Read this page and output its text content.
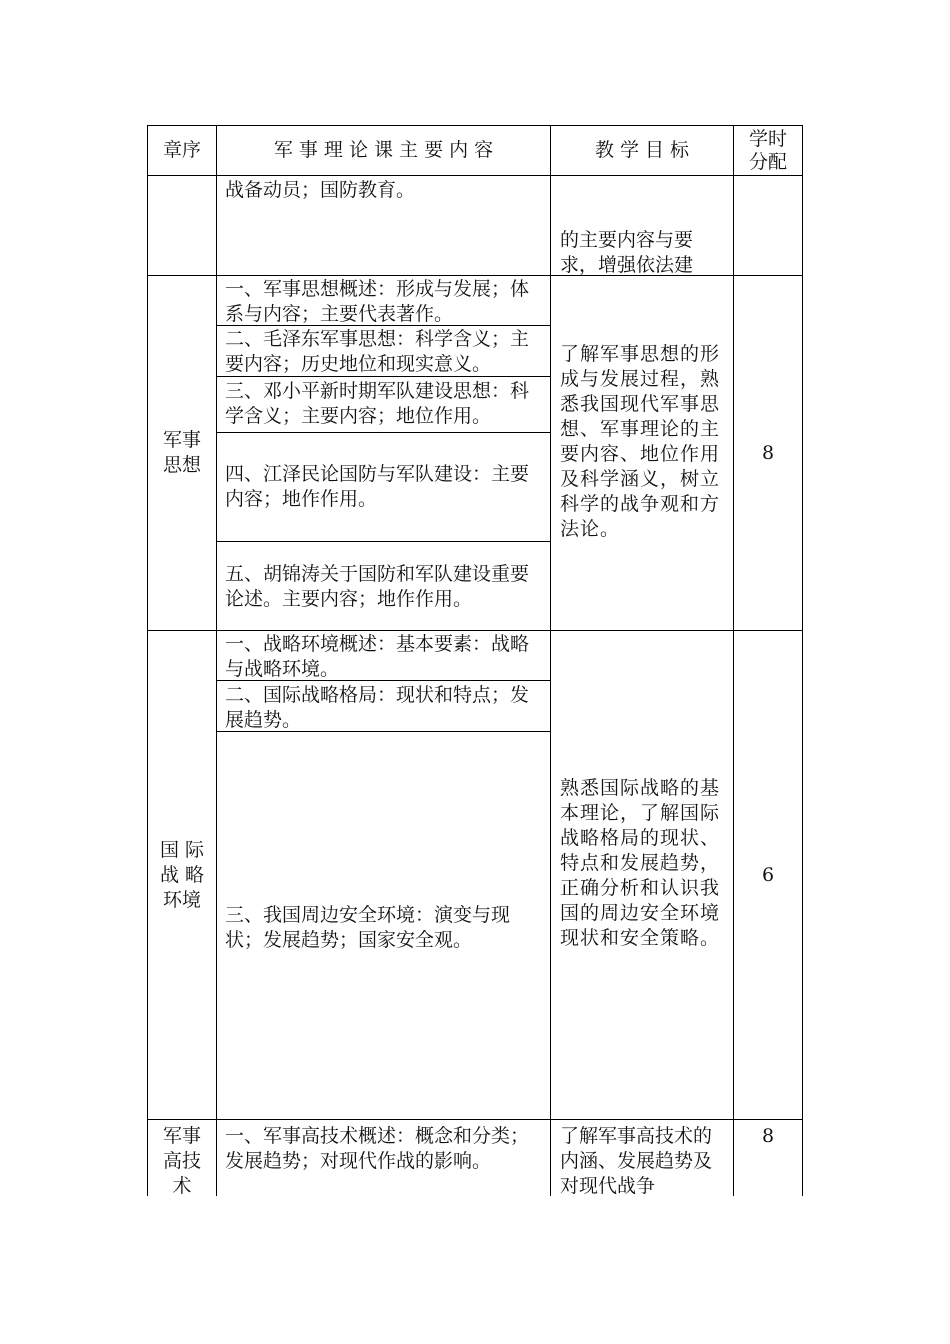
章序	军 事 理 论 课 主 要 内 容	教 学 目 标
学时
分配
战备动员；国防教育。
的主要内容与要求，增强依法建
军事
思想
一、军事思想概述：形成与发展；体系与内容；主要代表著作。
二、毛泽东军事思想：科学含义；主要内容；历史地位和现实意义。
三、邓小平新时期军队建设思想：科学含义；主要内容；地位作用。
四、江泽民论国防与军队建设：主要内容；地作作用。
五、胡锦涛关于国防和军队建设重要论述。主要内容；地作作用。
了解军事思想的形成与发展过程，熟悉我国现代军事思想、军事理论的主要内容、地位作用及科学涵义，树立科学的战争观和方法论。
8
国 际
战 略
环境
一、战略环境概述：基本要素：战略与战略环境。
二、国际战略格局：现状和特点；发展趋势。
三、我国周边安全环境：演变与现状；发展趋势；国家安全观。
熟悉国际战略的基本理论，了解国际战略格局的现状、特点和发展趋势，正确分析和认识我国的周边安全环境现状和安全策略。
6
军事
高技
术
一、军事高技术概述：概念和分类；发展趋势；对现代作战的影响。
了解军事高技术的内涵、发展趋势及对现代战争
8
